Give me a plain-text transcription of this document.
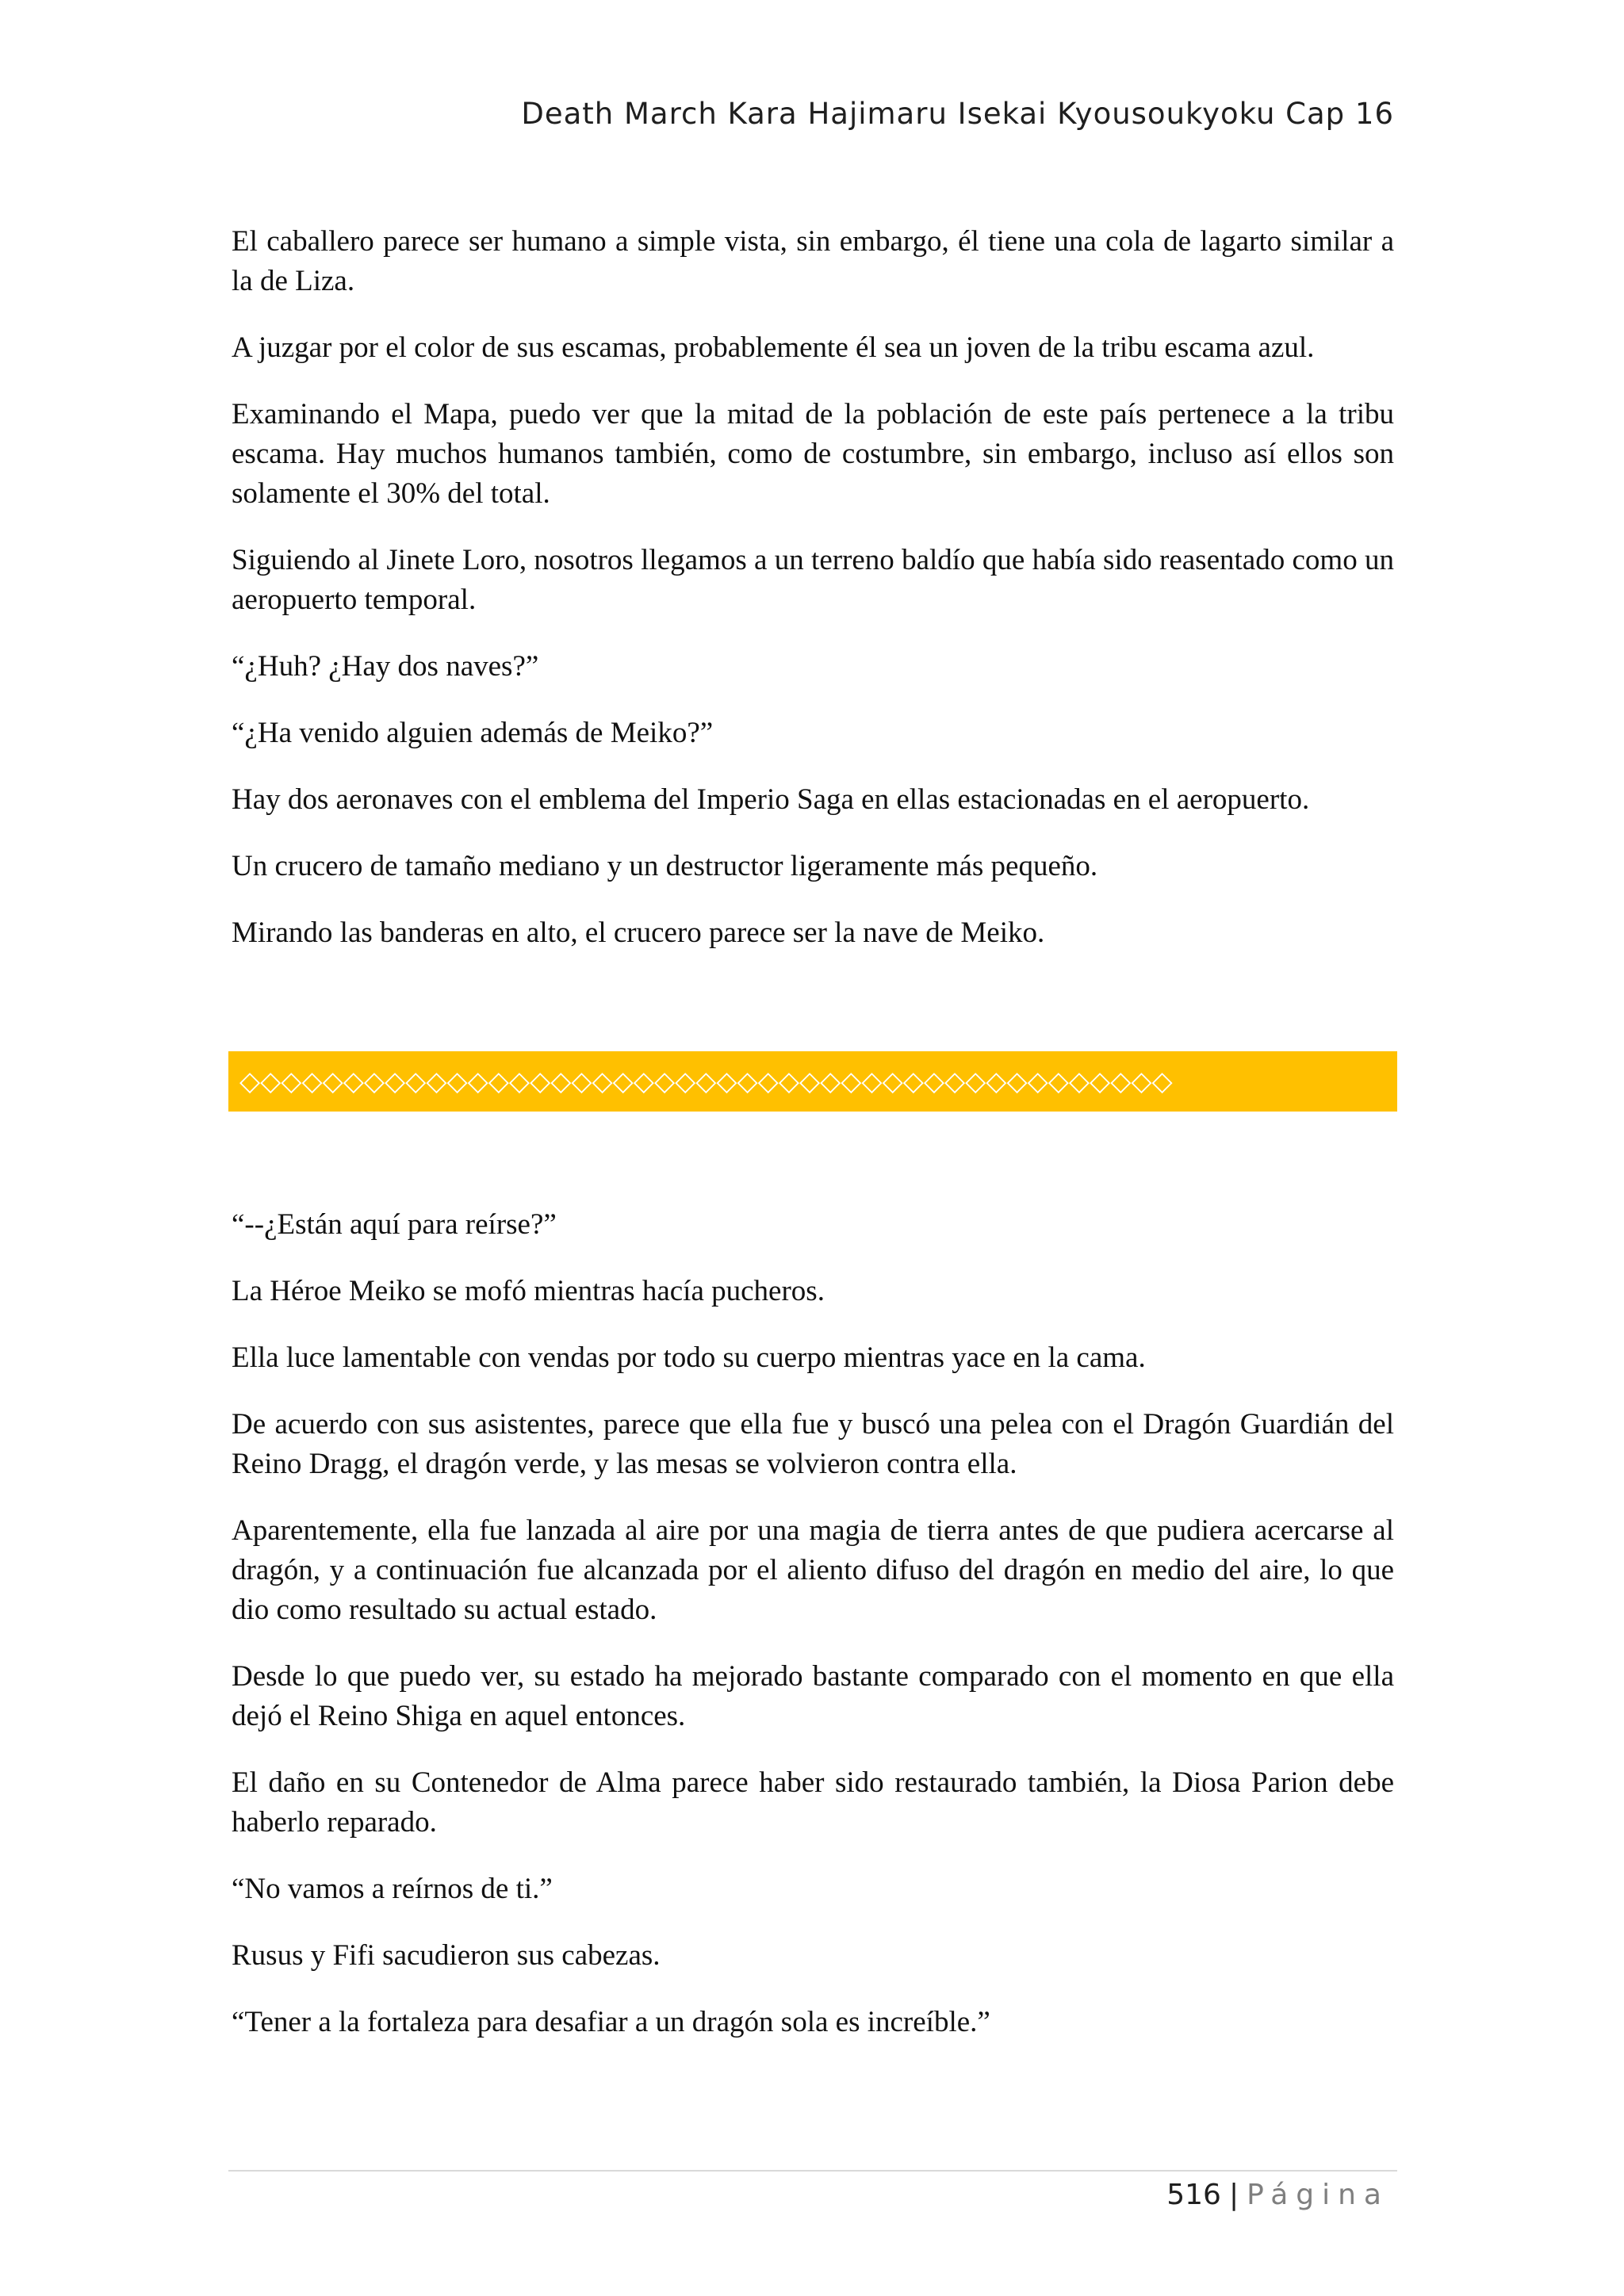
Death March Kara Hajimaru Isekai Kyousoukyoku Cap 16

El caballero parece ser humano a simple vista, sin embargo, él tiene una cola de lagarto similar a la de Liza.

A juzgar por el color de sus escamas, probablemente él sea un joven de la tribu escama azul.

Examinando el Mapa, puedo ver que la mitad de la población de este país pertenece a la tribu escama. Hay muchos humanos también, como de costumbre, sin embargo, incluso así ellos son solamente el 30% del total.

Siguiendo al Jinete Loro, nosotros llegamos a un terreno baldío que había sido reasentado como un aeropuerto temporal.

“¿Huh? ¿Hay dos naves?”

“¿Ha venido alguien además de Meiko?”

Hay dos aeronaves con el emblema del Imperio Saga en ellas estacionadas en el aeropuerto.

Un crucero de tamaño mediano y un destructor ligeramente más pequeño.

Mirando las banderas en alto, el crucero parece ser la nave de Meiko.

◇◇◇◇◇◇◇◇◇◇◇◇◇◇◇◇◇◇◇◇◇◇◇◇◇◇◇◇◇◇◇◇◇◇◇◇◇◇◇◇◇◇◇◇◇

“--¿Están aquí para reírse?”

La Héroe Meiko se mofó mientras hacía pucheros.

Ella luce lamentable con vendas por todo su cuerpo mientras yace en la cama.

De acuerdo con sus asistentes, parece que ella fue y buscó una pelea con el Dragón Guardián del Reino Dragg, el dragón verde, y las mesas se volvieron contra ella.

Aparentemente, ella fue lanzada al aire por una magia de tierra antes de que pudiera acercarse al dragón, y a continuación fue alcanzada por el aliento difuso del dragón en medio del aire, lo que dio como resultado su actual estado.

Desde lo que puedo ver, su estado ha mejorado bastante comparado con el momento en que ella dejó el Reino Shiga en aquel entonces.

El daño en su Contenedor de Alma parece haber sido restaurado también, la Diosa Parion debe haberlo reparado.

“No vamos a reírnos de ti.”

Rusus y Fifi sacudieron sus cabezas.

“Tener a la fortaleza para desafiar a un dragón sola es increíble.”

516 | Página
